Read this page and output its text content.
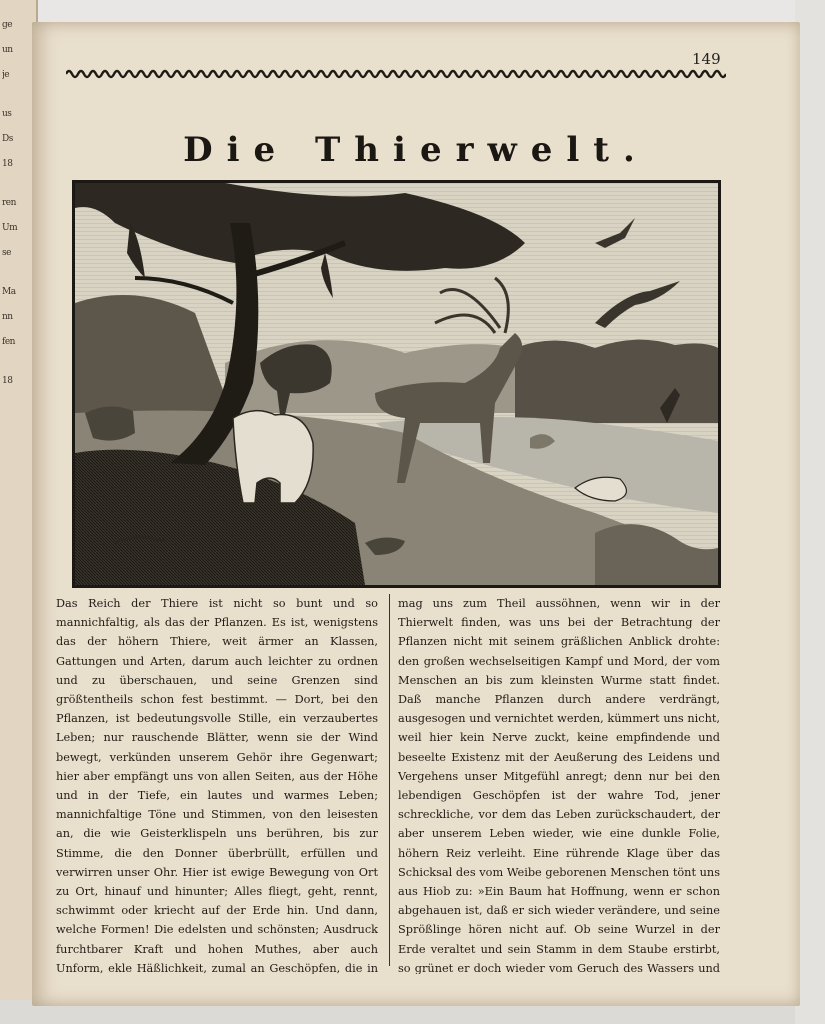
ge
un
je
us
Ds
18
ren
Um
se
Ma
nn
fen
18
149
Die Thierwelt.
Das Reich der Thiere ist nicht so bunt und so mannichfaltig, als das der Pflanzen. Es ist, wenigstens das der höhern Thiere, weit ärmer an Klassen, Gattungen und Arten, darum auch leichter zu ordnen und zu überschauen, und seine Grenzen sind größtentheils schon fest bestimmt. — Dort, bei den Pflanzen, ist bedeutungsvolle Stille, ein verzaubertes Leben; nur rauschende Blätter, wenn sie der Wind bewegt, verkünden unserem Gehör ihre Gegenwart; hier aber empfängt uns von allen Seiten, aus der Höhe und in der Tiefe, ein lautes und warmes Leben; mannichfaltige Töne und Stimmen, von den leisesten an, die wie Geisterklispeln uns berühren, bis zur Stimme, die den Donner überbrüllt, erfüllen und verwirren unser Ohr. Hier ist ewige Bewegung von Ort zu Ort, hinauf und hinunter; Alles fliegt, geht, rennt, schwimmt oder kriecht auf der Erde hin. Und dann, welche Formen! Die edelsten und schönsten; Ausdruck furchtbarer Kraft und hohen Muthes, aber auch Unform, ekle Häßlichkeit, zumal an Geschöpfen, die in
mag uns zum Theil aussöhnen, wenn wir in der Thierwelt finden, was uns bei der Betrachtung der Pflanzen nicht mit seinem gräßlichen Anblick drohte: den großen wechselseitigen Kampf und Mord, der vom Menschen an bis zum kleinsten Wurme statt findet. Daß manche Pflanzen durch andere verdrängt, ausgesogen und vernichtet werden, kümmert uns nicht, weil hier kein Nerve zuckt, keine empfindende und beseelte Existenz mit der Aeußerung des Leidens und Vergehens unser Mitgefühl anregt; denn nur bei den lebendigen Geschöpfen ist der wahre Tod, jener schreckliche, vor dem das Leben zurückschaudert, der aber unserem Leben wieder, wie eine dunkle Folie, höhern Reiz verleiht. Eine rührende Klage über das Schicksal des vom Weibe geborenen Menschen tönt uns aus Hiob zu: »Ein Baum hat Hoffnung, wenn er schon abgehauen ist, daß er sich wieder verändere, und seine Sprößlinge hören nicht auf. Ob seine Wurzel in der Erde veraltet und sein Stamm in dem Staube erstirbt, so grünet er doch wieder vom Geruch des Wassers und
